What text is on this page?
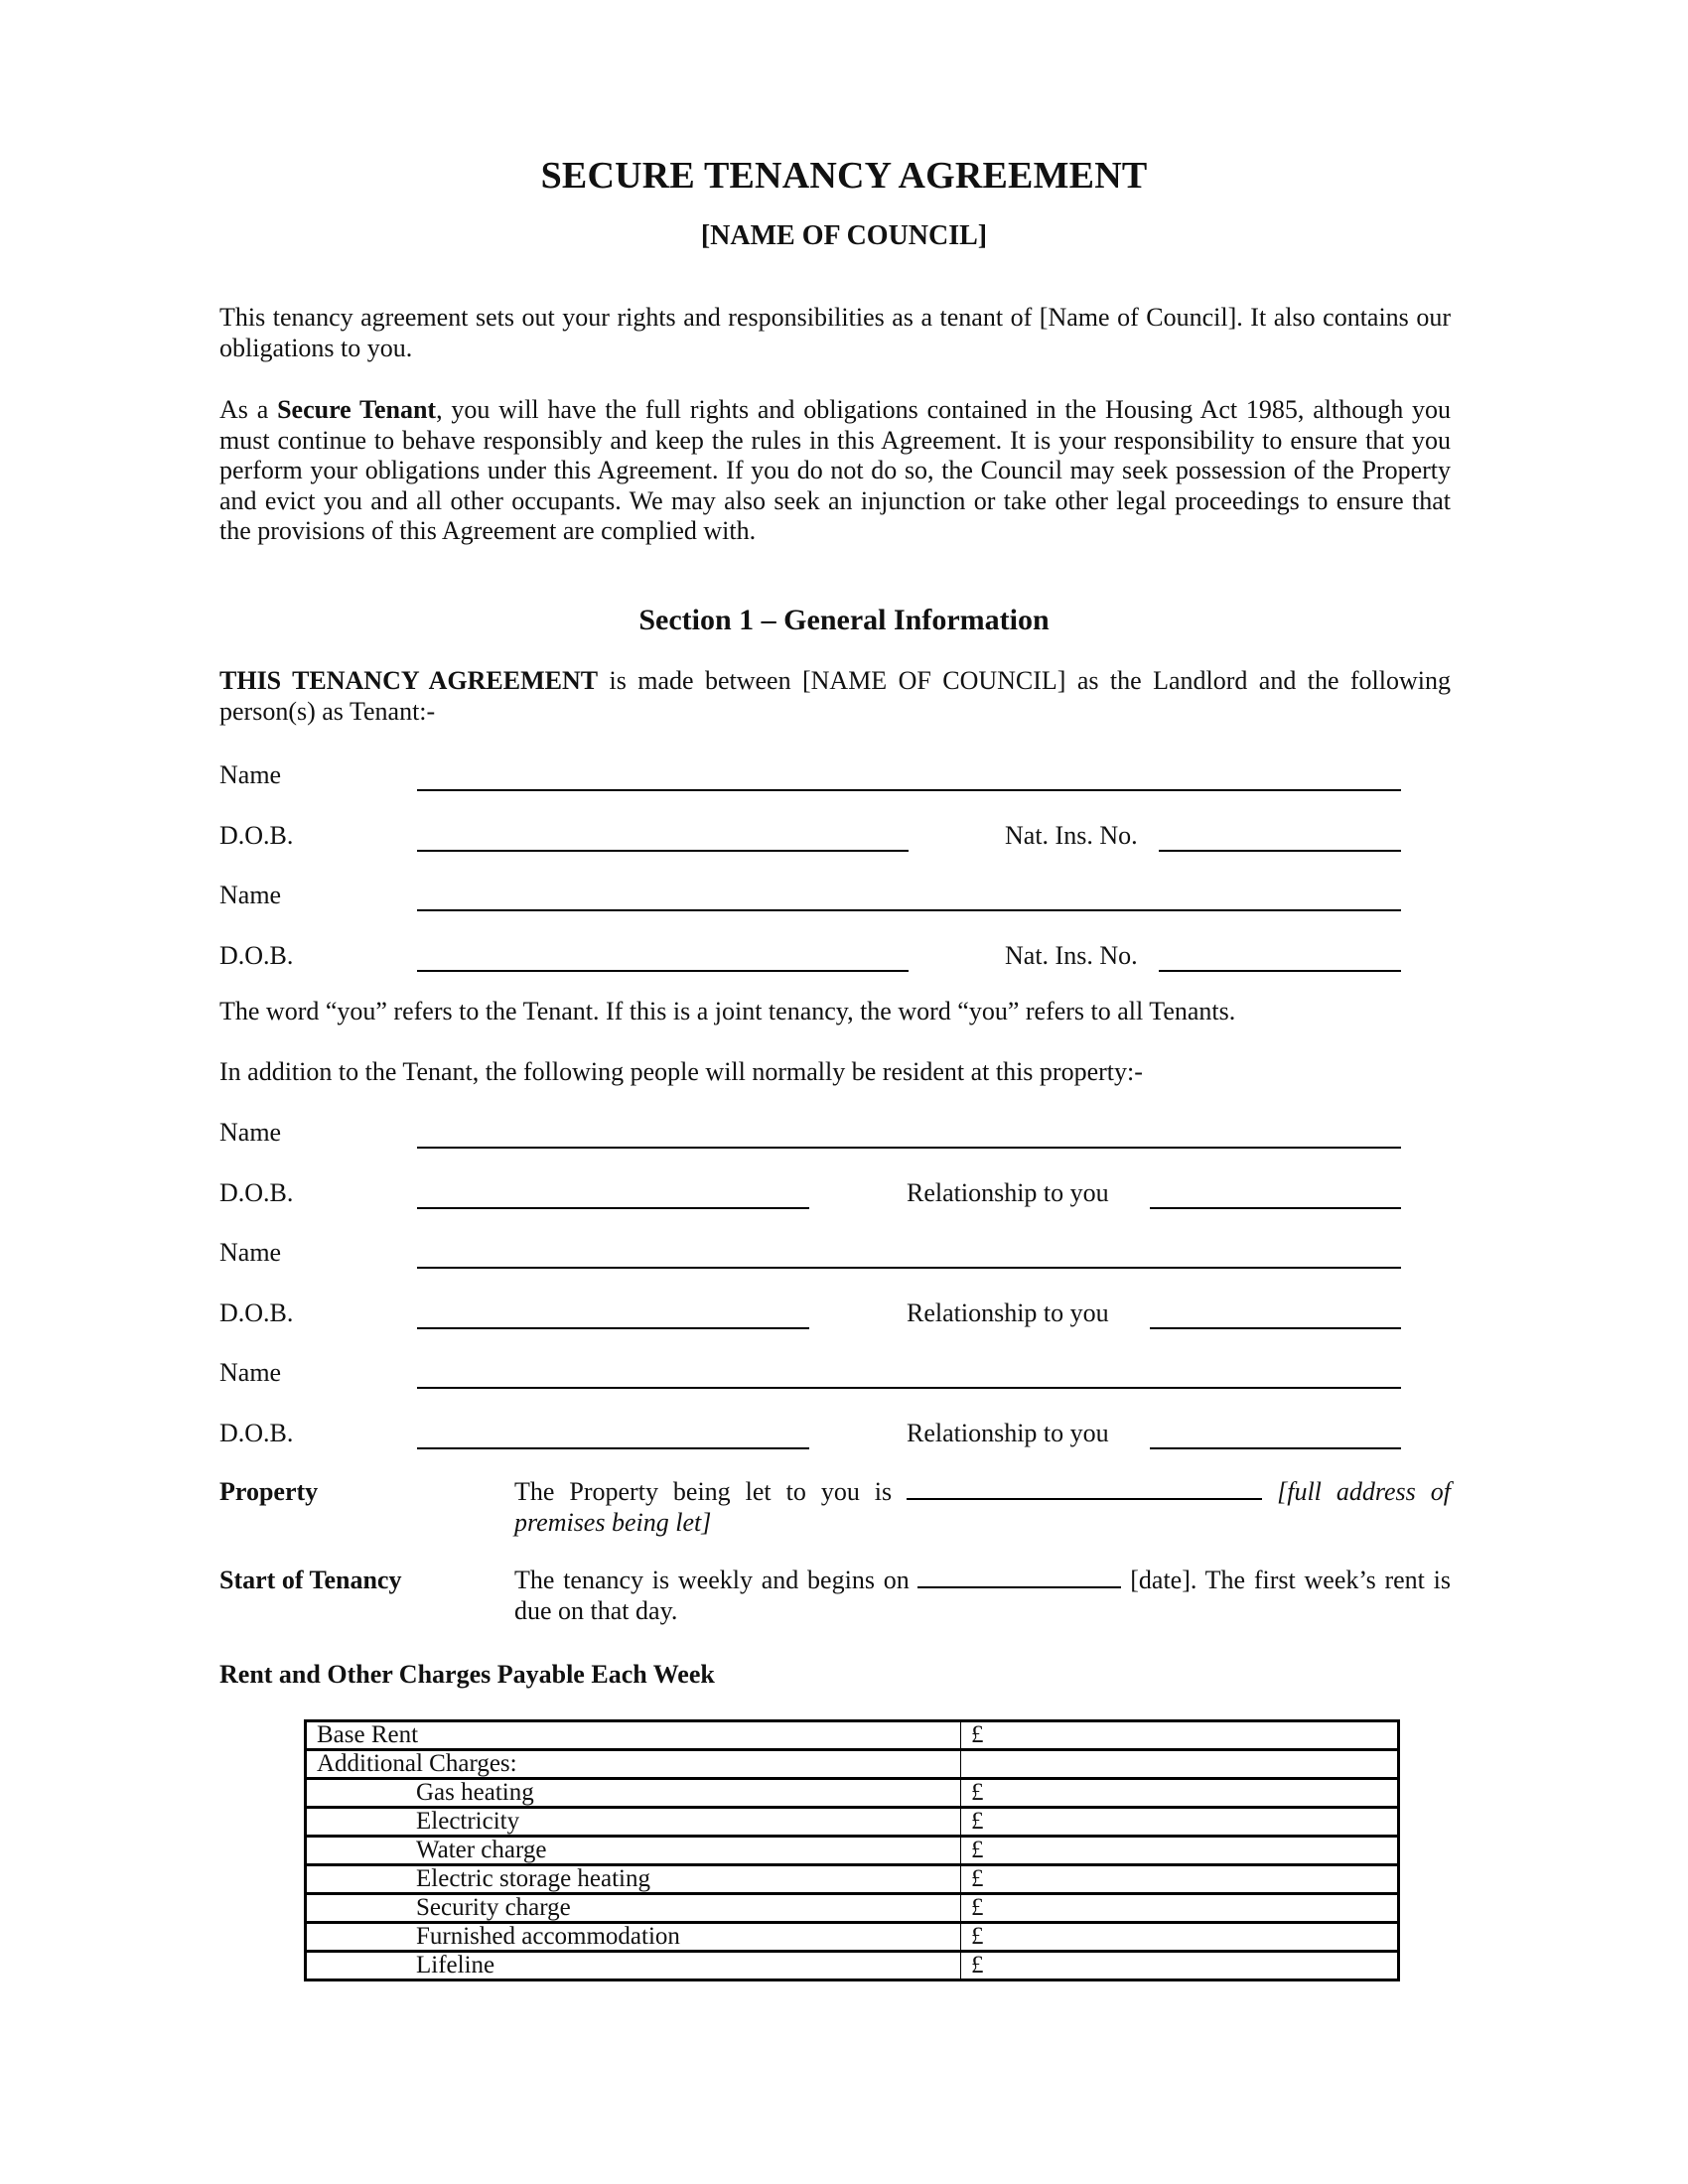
SECURE TENANCY AGREEMENT
[NAME OF COUNCIL]
This tenancy agreement sets out your rights and responsibilities as a tenant of [Name of Council]. It also contains our obligations to you.
As a Secure Tenant, you will have the full rights and obligations contained in the Housing Act 1985, although you must continue to behave responsibly and keep the rules in this Agreement. It is your responsibility to ensure that you perform your obligations under this Agreement. If you do not do so, the Council may seek possession of the Property and evict you and all other occupants. We may also seek an injunction or take other legal proceedings to ensure that the provisions of this Agreement are complied with.
Section 1 – General Information
THIS TENANCY AGREEMENT is made between [NAME OF COUNCIL] as the Landlord and the following person(s) as Tenant:-
Name
D.O.B.	Nat. Ins. No.
Name
D.O.B.	Nat. Ins. No.
The word “you” refers to the Tenant. If this is a joint tenancy, the word “you” refers to all Tenants.
In addition to the Tenant, the following people will normally be resident at this property:-
Name
D.O.B.	Relationship to you
Name
D.O.B.	Relationship to you
Name
D.O.B.	Relationship to you
Property	The Property being let to you is	[full address of premises being let]
Start of Tenancy	The tenancy is weekly and begins on	[date]. The first week’s rent is due on that day.
Rent and Other Charges Payable Each Week
Base Rent	£
Additional Charges:	
Gas heating	£
Electricity	£
Water charge	£
Electric storage heating	£
Security charge	£
Furnished accommodation	£
Lifeline	£
